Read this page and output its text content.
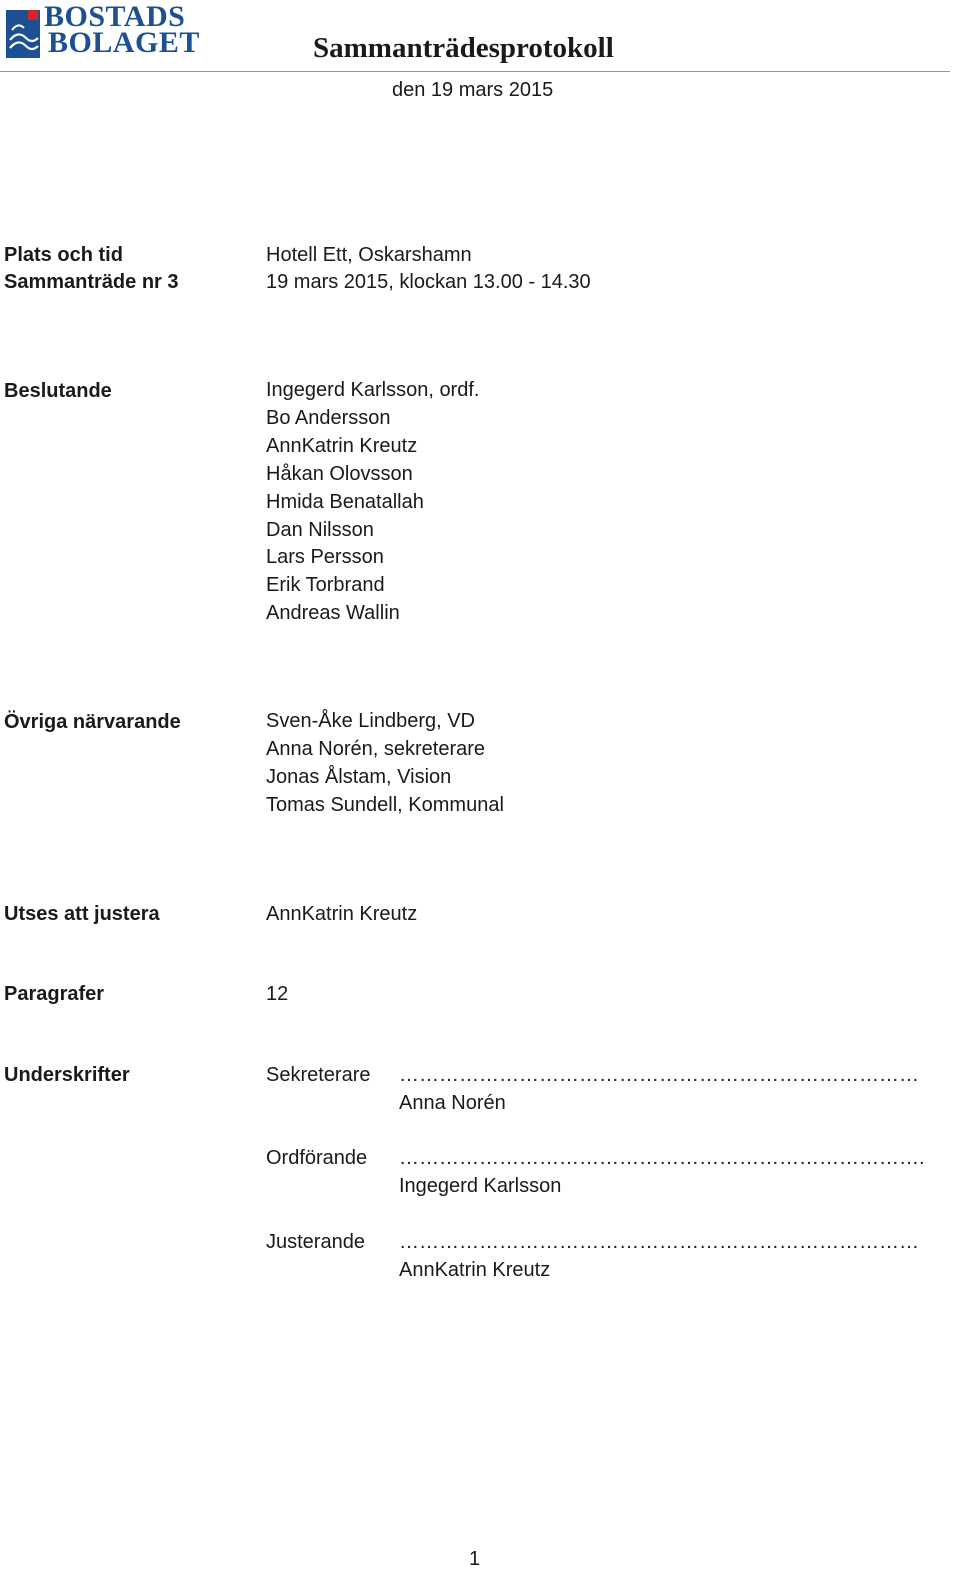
BOSTADS
BOLAGET	Sammanträdesprotokoll
den 19 mars 2015
Plats och tid	Hotell Ett, Oskarshamn
Sammanträde nr 3	19 mars 2015, klockan 13.00 - 14.30
Beslutande	Ingegerd Karlsson, ordf.
Bo Andersson
AnnKatrin Kreutz
Håkan Olovsson
Hmida Benatallah
Dan Nilsson
Lars Persson
Erik Torbrand
Andreas Wallin
Övriga närvarande	Sven-Åke Lindberg, VD
Anna Norén, sekreterare
Jonas Ålstam, Vision
Tomas Sundell, Kommunal
Utses att justera	AnnKatrin Kreutz
Paragrafer	12
Underskrifter	Sekreterare ……………………………………………………………………
Anna Norén
Ordförande …………………………………………………………………….
Ingegerd Karlsson
Justerande ……………………………………………………………………
AnnKatrin Kreutz
1
